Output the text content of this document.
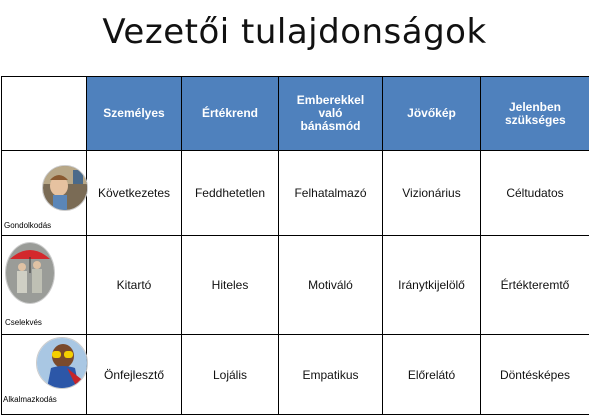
Vezetői tulajdonságok
	Személyes	Értékrend	Emberekkel való bánásmód	Jövőkép	Jelenben szükséges

Gondolkodás	Következetes	Feddhetetlen	Felhatalmazó	Vizionárius	Céltudatos

Cselekvés	Kitartó	Hiteles	Motiváló	Iránytkijelölő	Értékteremtő

Alkalmazkodás	Önfejlesztő	Lojális	Empatikus	Előrelátó	Döntésképes
